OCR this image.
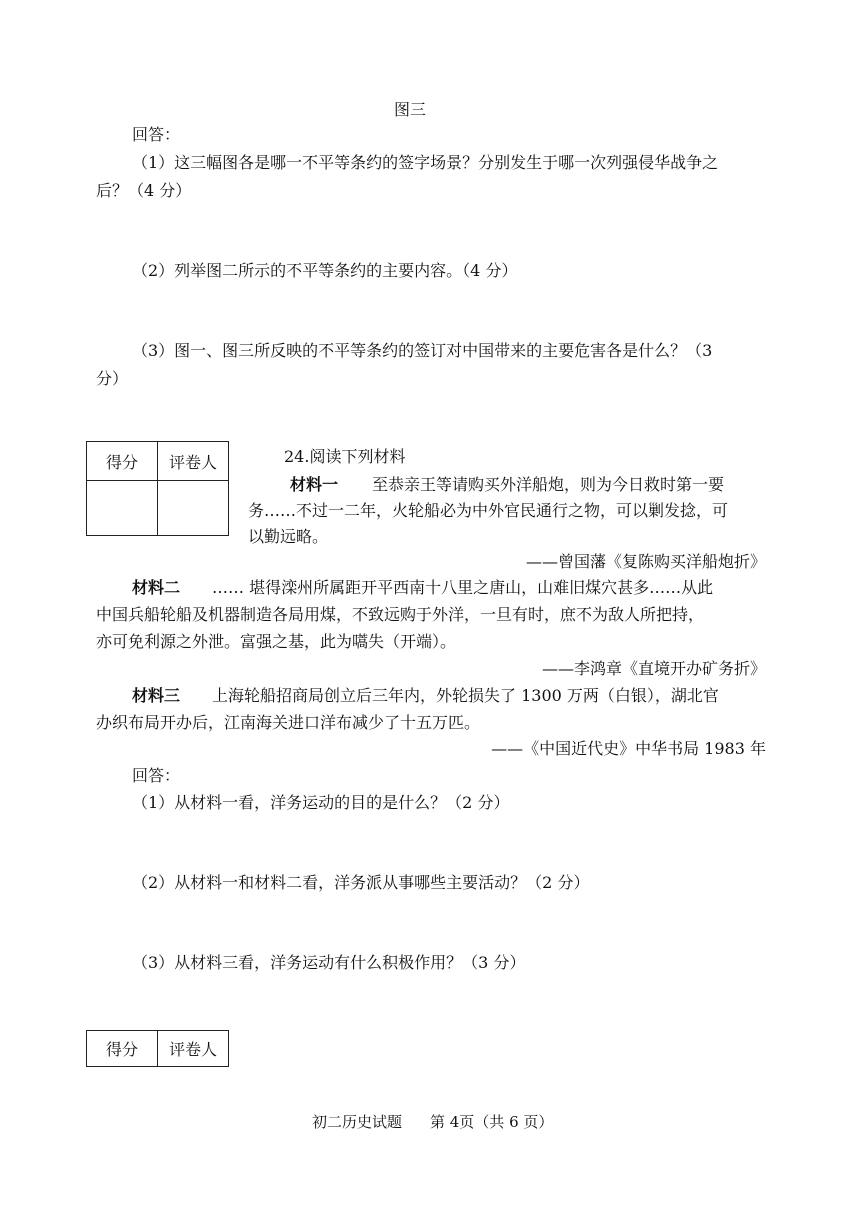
图三
回答：
（1）这三幅图各是哪一不平等条约的签字场景？分别发生于哪一次列强侵华战争之
后？（4 分）
（2）列举图二所示的不平等条约的主要内容。（4 分）
（3）图一、图三所反映的不平等条约的签订对中国带来的主要危害各是什么？（3
分）
得分	评卷人
		24.阅读下列材料
材料一 至恭亲王等请购买外洋船炮，则为今日救时第一要
务……不过一二年，火轮船必为中外官民通行之物，可以剿发捻，可
以勤远略。
——曾国藩《复陈购买洋船炮折》
材料二 …… 堪得滦州所属距开平西南十八里之唐山，山难旧煤穴甚多……从此
中国兵船轮船及机器制造各局用煤，不致远购于外洋，一旦有时，庶不为敌人所把持，
亦可免利源之外泄。富强之基，此为嚆失（开端）。
——李鸿章《直境开办矿务折》
材料三 上海轮船招商局创立后三年内，外轮损失了 1300 万两（白银），湖北官
办织布局开办后，江南海关进口洋布减少了十五万匹。
——《中国近代史》中华书局 1983 年
回答：
（1）从材料一看，洋务运动的目的是什么？（2 分）
（2）从材料一和材料二看，洋务派从事哪些主要活动？（2 分）
（3）从材料三看，洋务运动有什么积极作用？（3 分）
得分	评卷人
初二历史试题 第 4页（共 6 页）
